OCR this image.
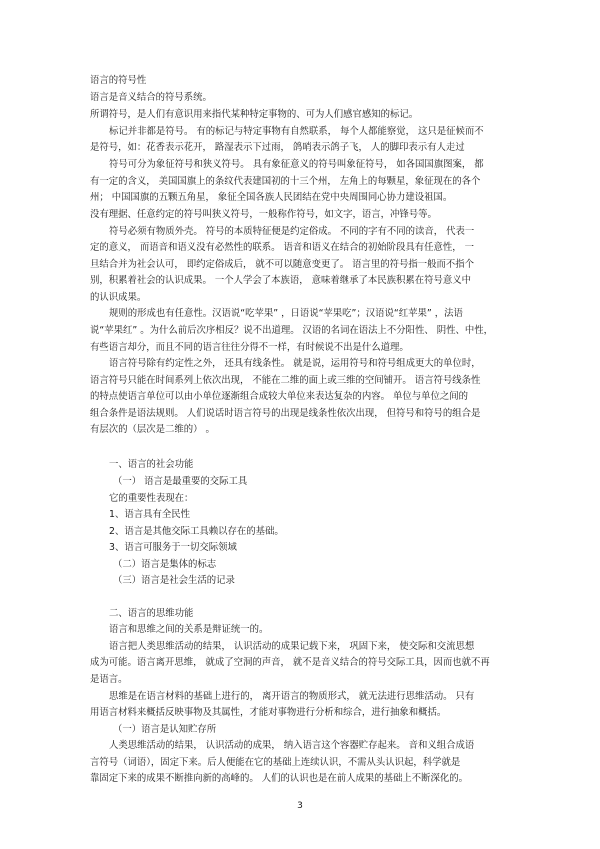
语言的符号性
语言是音义结合的符号系统。
所谓符号，是人们有意识用来指代某种特定事物的、可为人们感官感知的标记。
标记并非都是符号。 有的标记与特定事物有自然联系， 每个人都能察觉， 这只是征候而不
是符号，如：花香表示花开， 路湿表示下过雨， 鸽哨表示鸽子飞， 人的脚印表示有人走过
符号可分为象征符号和狭义符号。 具有象征意义的符号叫象征符号， 如各国国旗图案， 都
有一定的含义， 美国国旗上的条纹代表建国初的十三个州， 左角上的每颗星，象征现在的各个
州； 中国国旗的五颗五角星， 象征全国各族人民团结在党中央周围同心协力建设祖国。
没有理据、任意约定的符号叫狭义符号，一般称作符号，如文字，语言，冲锋号等。
符号必须有物质外壳。 符号的本质特征便是约定俗成。 不同的字有不同的读音， 代表一
定的意义， 而语音和语义没有必然性的联系。 语音和语义在结合的初始阶段具有任意性， 一
旦结合并为社会认可， 即约定俗成后， 就不可以随意变更了。 语言里的符号指一般而不指个
别，积累着社会的认识成果。 一个人学会了本族语， 意味着继承了本民族积累在符号意义中
的认识成果。
规则的形成也有任意性。汉语说“吃苹果” ，日语说“苹果吃”；汉语说“红苹果” ，法语
说“苹果红” 。为什么前后次序相反？说不出道理。 汉语的名词在语法上不分阳性、 阴性、中性，
有些语言却分，而且不同的语言往往分得不一样，有时候说不出是什么道理。
语言符号除有约定性之外， 还具有线条性。 就是说，运用符号和符号组成更大的单位时，
语言符号只能在时间系列上依次出现， 不能在二维的面上或三维的空间铺开。 语言符号线条性
的特点使语言单位可以由小单位逐渐组合成较大单位来表达复杂的内容。 单位与单位之间的
组合条件是语法规则。 人们说话时语言符号的出现是线条性依次出现， 但符号和符号的组合是
有层次的（层次是二维的） 。
一、语言的社会功能
（一） 语言是最重要的交际工具
它的重要性表现在：
1、语言具有全民性
2、语言是其他交际工具赖以存在的基础。
3、语言可服务于一切交际领域
（二）语言是集体的标志
（三）语言是社会生活的记录
二、语言的思维功能
语言和思维之间的关系是辩证统一的。
语言把人类思维活动的结果， 认识活动的成果记载下来， 巩固下来， 使交际和交流思想
成为可能。语言离开思维， 就成了空洞的声音， 就不是音义结合的符号交际工具，因而也就不再
是语言。
思维是在语言材料的基础上进行的， 离开语言的物质形式， 就无法进行思维活动。 只有
用语言材料来概括反映事物及其属性，才能对事物进行分析和综合，进行抽象和概括。
（一）语言是认知贮存所
人类思维活动的结果， 认识活动的成果， 纳入语言这个容器贮存起来。 音和义组合成语
言符号（词语），固定下来。后人便能在它的基础上连续认识，不需从头认识起，科学就是
靠固定下来的成果不断推向新的高峰的。 人们的认识也是在前人成果的基础上不断深化的。
3
